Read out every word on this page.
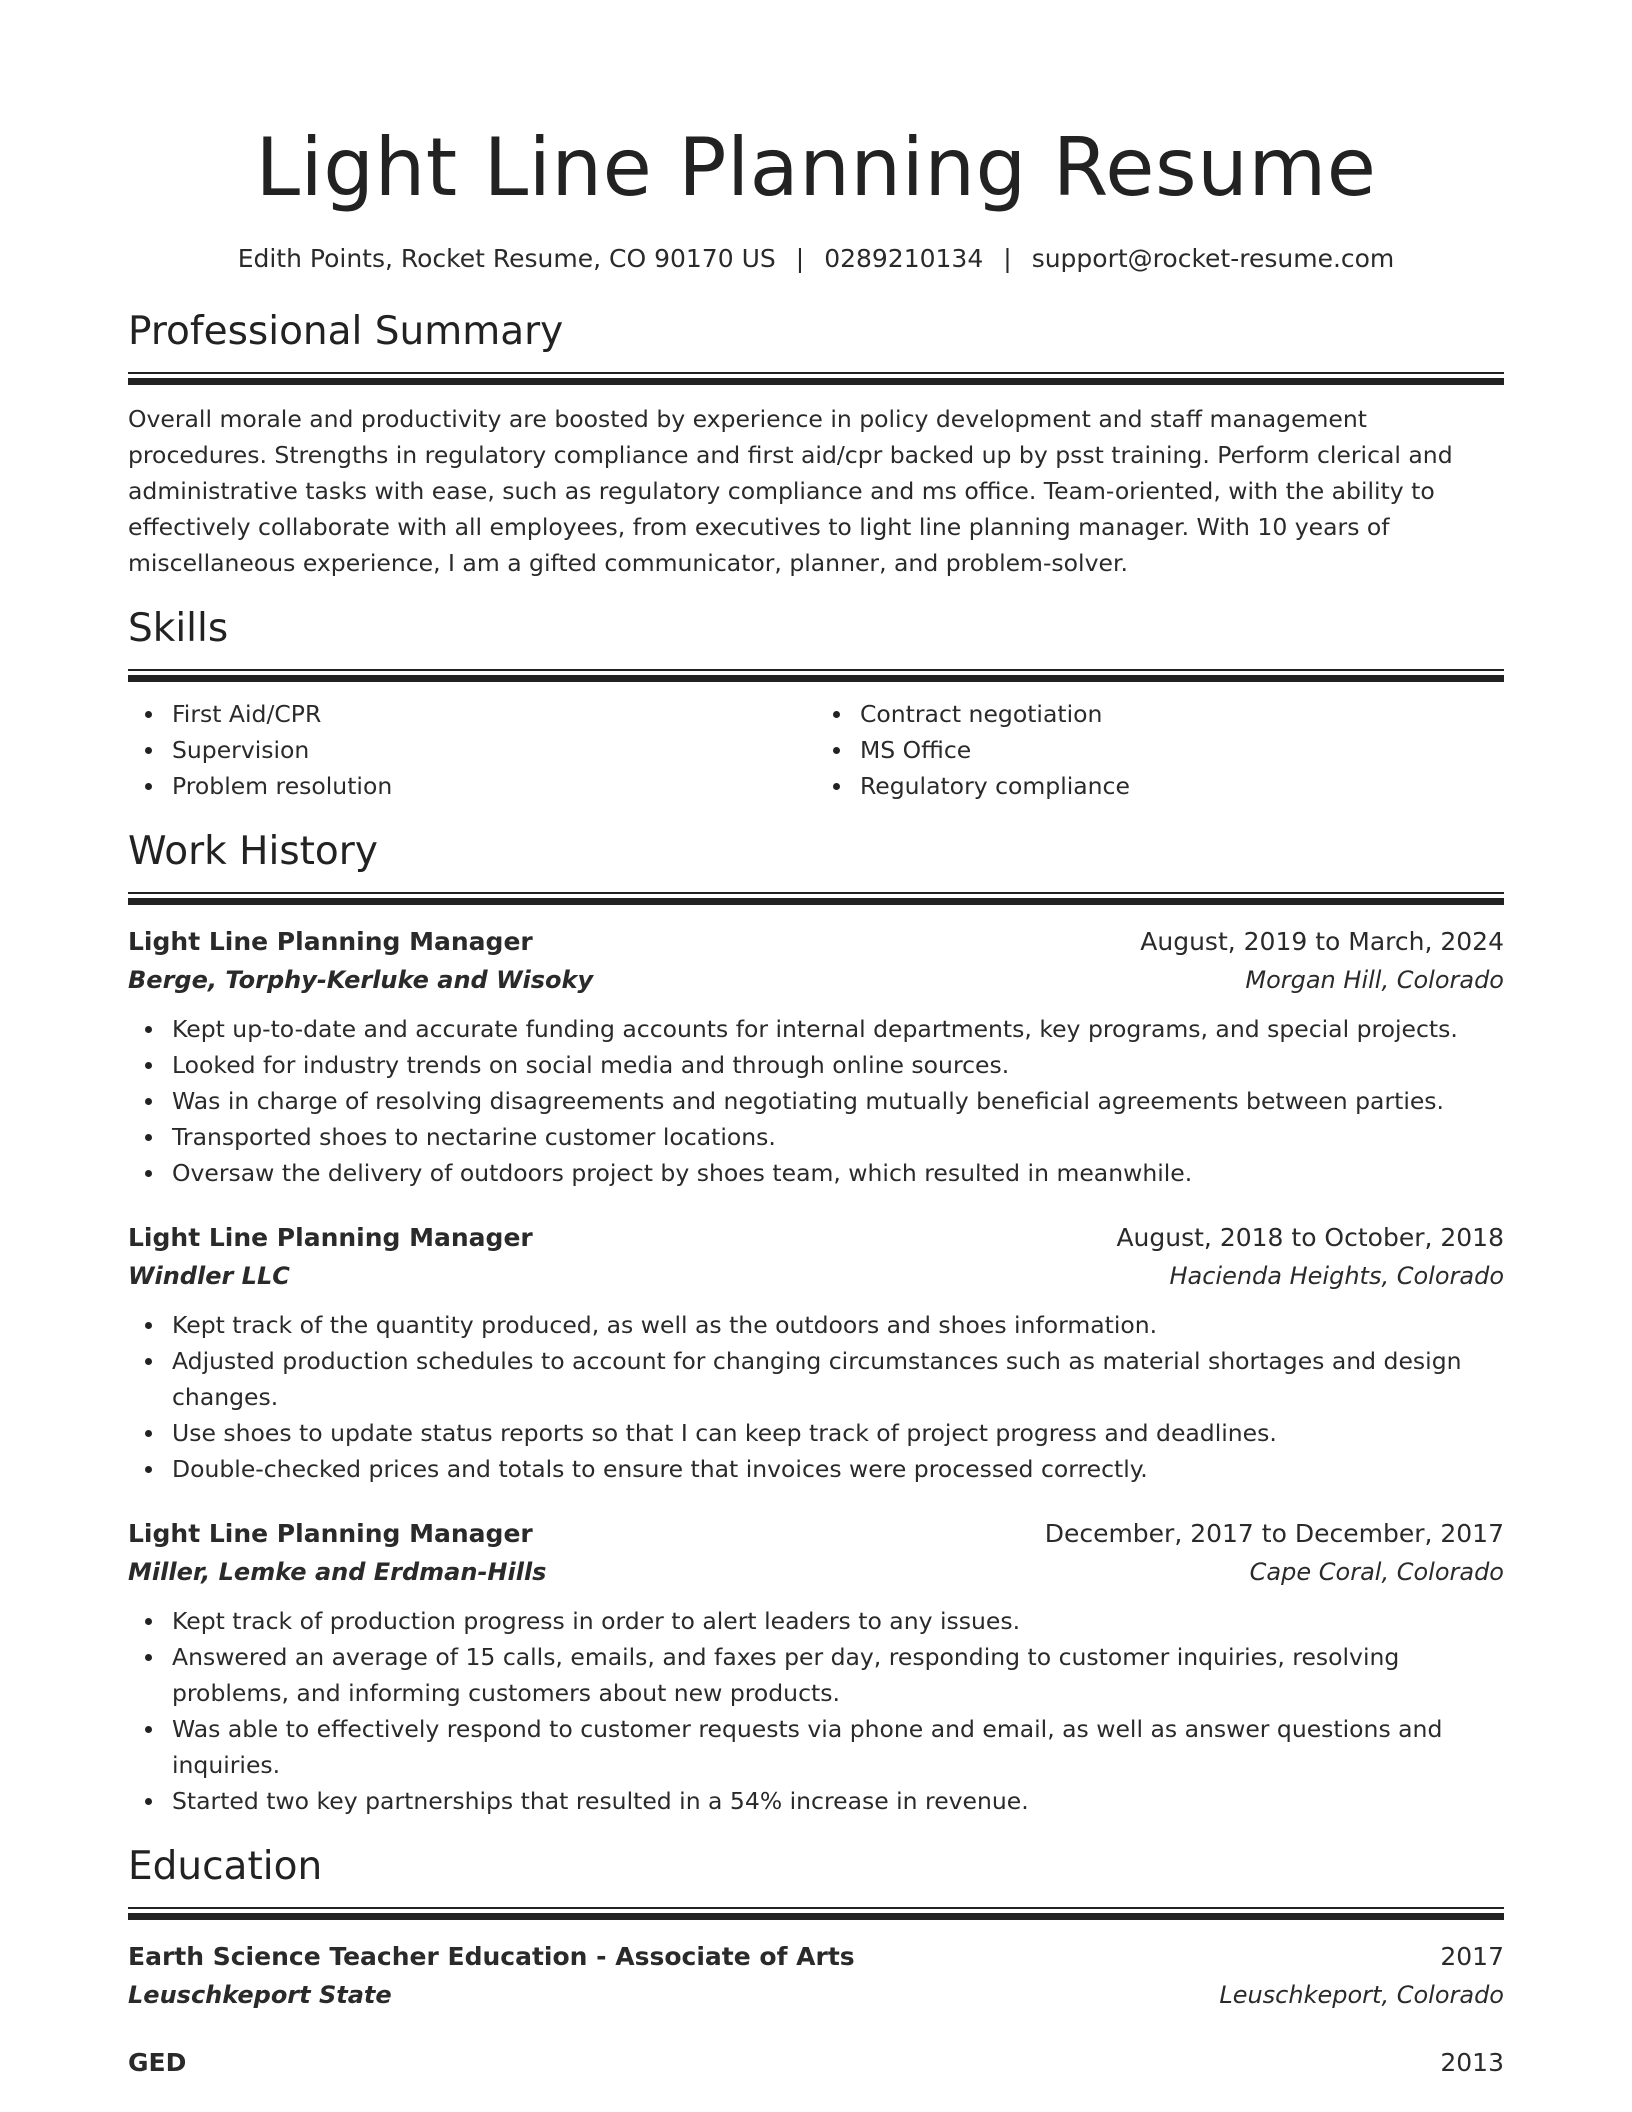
Light Line Planning Resume
Edith Points, Rocket Resume, CO 90170 US | 0289210134 | support@rocket-resume.com
Professional Summary
Overall morale and productivity are boosted by experience in policy development and staff management procedures. Strengths in regulatory compliance and first aid/cpr backed up by psst training. Perform clerical and administrative tasks with ease, such as regulatory compliance and ms office. Team-oriented, with the ability to effectively collaborate with all employees, from executives to light line planning manager. With 10 years of miscellaneous experience, I am a gifted communicator, planner, and problem-solver.
Skills
First Aid/CPR
Supervision
Problem resolution
Contract negotiation
MS Office
Regulatory compliance
Work History
Light Line Planning Manager	August, 2019 to March, 2024
Berge, Torphy-Kerluke and Wisoky	Morgan Hill, Colorado
Kept up-to-date and accurate funding accounts for internal departments, key programs, and special projects.
Looked for industry trends on social media and through online sources.
Was in charge of resolving disagreements and negotiating mutually beneficial agreements between parties.
Transported shoes to nectarine customer locations.
Oversaw the delivery of outdoors project by shoes team, which resulted in meanwhile.
Light Line Planning Manager	August, 2018 to October, 2018
Windler LLC	Hacienda Heights, Colorado
Kept track of the quantity produced, as well as the outdoors and shoes information.
Adjusted production schedules to account for changing circumstances such as material shortages and design changes.
Use shoes to update status reports so that I can keep track of project progress and deadlines.
Double-checked prices and totals to ensure that invoices were processed correctly.
Light Line Planning Manager	December, 2017 to December, 2017
Miller, Lemke and Erdman-Hills	Cape Coral, Colorado
Kept track of production progress in order to alert leaders to any issues.
Answered an average of 15 calls, emails, and faxes per day, responding to customer inquiries, resolving problems, and informing customers about new products.
Was able to effectively respond to customer requests via phone and email, as well as answer questions and inquiries.
Started two key partnerships that resulted in a 54% increase in revenue.
Education
Earth Science Teacher Education - Associate of Arts	2017
Leuschkeport State	Leuschkeport, Colorado
GED	2013
